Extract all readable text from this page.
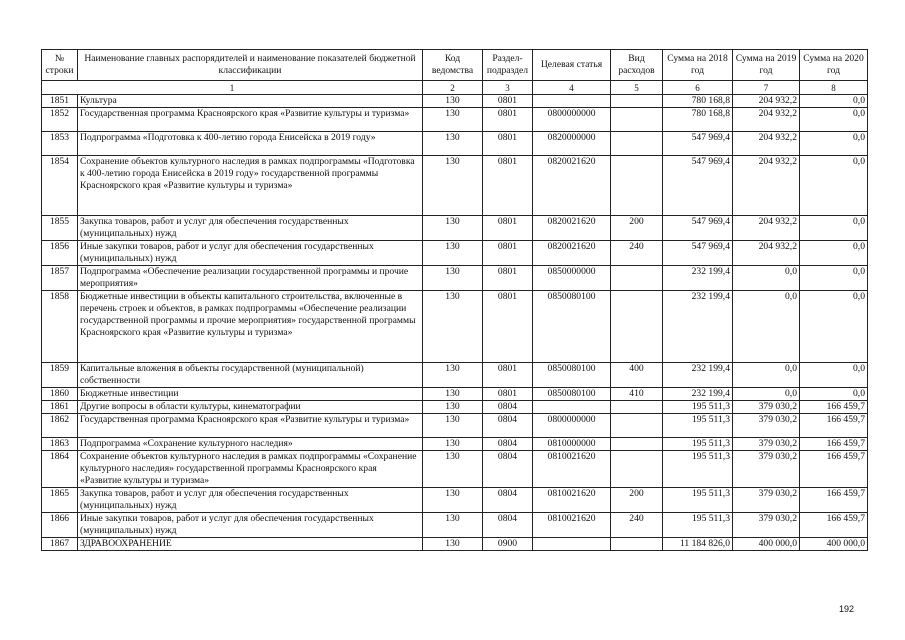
№ строки	Наименование главных распорядителей и наименование показателей бюджетной классификации	Код ведомства	Раздел-подраздел	Целевая статья	Вид расходов	Сумма на 2018 год	Сумма на 2019 год	Сумма на 2020 год
1		2	3	4	5	6	7	8
1851	Культура	130	0801			780 168,8	204 932,2	0,0
1852	Государственная программа Красноярского края «Развитие культуры и туризма»	130	0801	0800000000		780 168,8	204 932,2	0,0
1853	Подпрограмма «Подготовка к 400-летию города Енисейска в 2019 году»	130	0801	0820000000		547 969,4	204 932,2	0,0
1854	Сохранение объектов культурного наследия в рамках подпрограммы «Подготовка к 400-летию города Енисейска в 2019 году» государственной программы Красноярского края «Развитие культуры и туризма»	130	0801	0820021620		547 969,4	204 932,2	0,0
1855	Закупка товаров, работ и услуг для обеспечения государственных (муниципальных) нужд	130	0801	0820021620	200	547 969,4	204 932,2	0,0
1856	Иные закупки товаров, работ и услуг для обеспечения государственных (муниципальных) нужд	130	0801	0820021620	240	547 969,4	204 932,2	0,0
1857	Подпрограмма «Обеспечение реализации государственной программы и прочие мероприятия»	130	0801	0850000000		232 199,4	0,0	0,0
1858	Бюджетные инвестиции в объекты капитального строительства, включенные в перечень строек и объектов, в рамках подпрограммы «Обеспечение реализации государственной программы и прочие мероприятия» государственной программы Красноярского края «Развитие культуры и туризма»	130	0801	0850080100		232 199,4	0,0	0,0
1859	Капитальные вложения в объекты государственной (муниципальной) собственности	130	0801	0850080100	400	232 199,4	0,0	0,0
1860	Бюджетные инвестиции	130	0801	0850080100	410	232 199,4	0,0	0,0
1861	Другие вопросы в области культуры, кинематографии	130	0804			195 511,3	379 030,2	166 459,7
1862	Государственная программа Красноярского края «Развитие культуры и туризма»	130	0804	0800000000		195 511,3	379 030,2	166 459,7
1863	Подпрограмма «Сохранение культурного наследия»	130	0804	0810000000		195 511,3	379 030,2	166 459,7
1864	Сохранение объектов культурного наследия в рамках подпрограммы «Сохранение культурного наследия» государственной программы Красноярского края «Развитие культуры и туризма»	130	0804	0810021620		195 511,3	379 030,2	166 459,7
1865	Закупка товаров, работ и услуг для обеспечения государственных (муниципальных) нужд	130	0804	0810021620	200	195 511,3	379 030,2	166 459,7
1866	Иные закупки товаров, работ и услуг для обеспечения государственных (муниципальных) нужд	130	0804	0810021620	240	195 511,3	379 030,2	166 459,7
1867	ЗДРАВООХРАНЕНИЕ	130	0900			11 184 826,0	400 000,0	400 000,0
192
